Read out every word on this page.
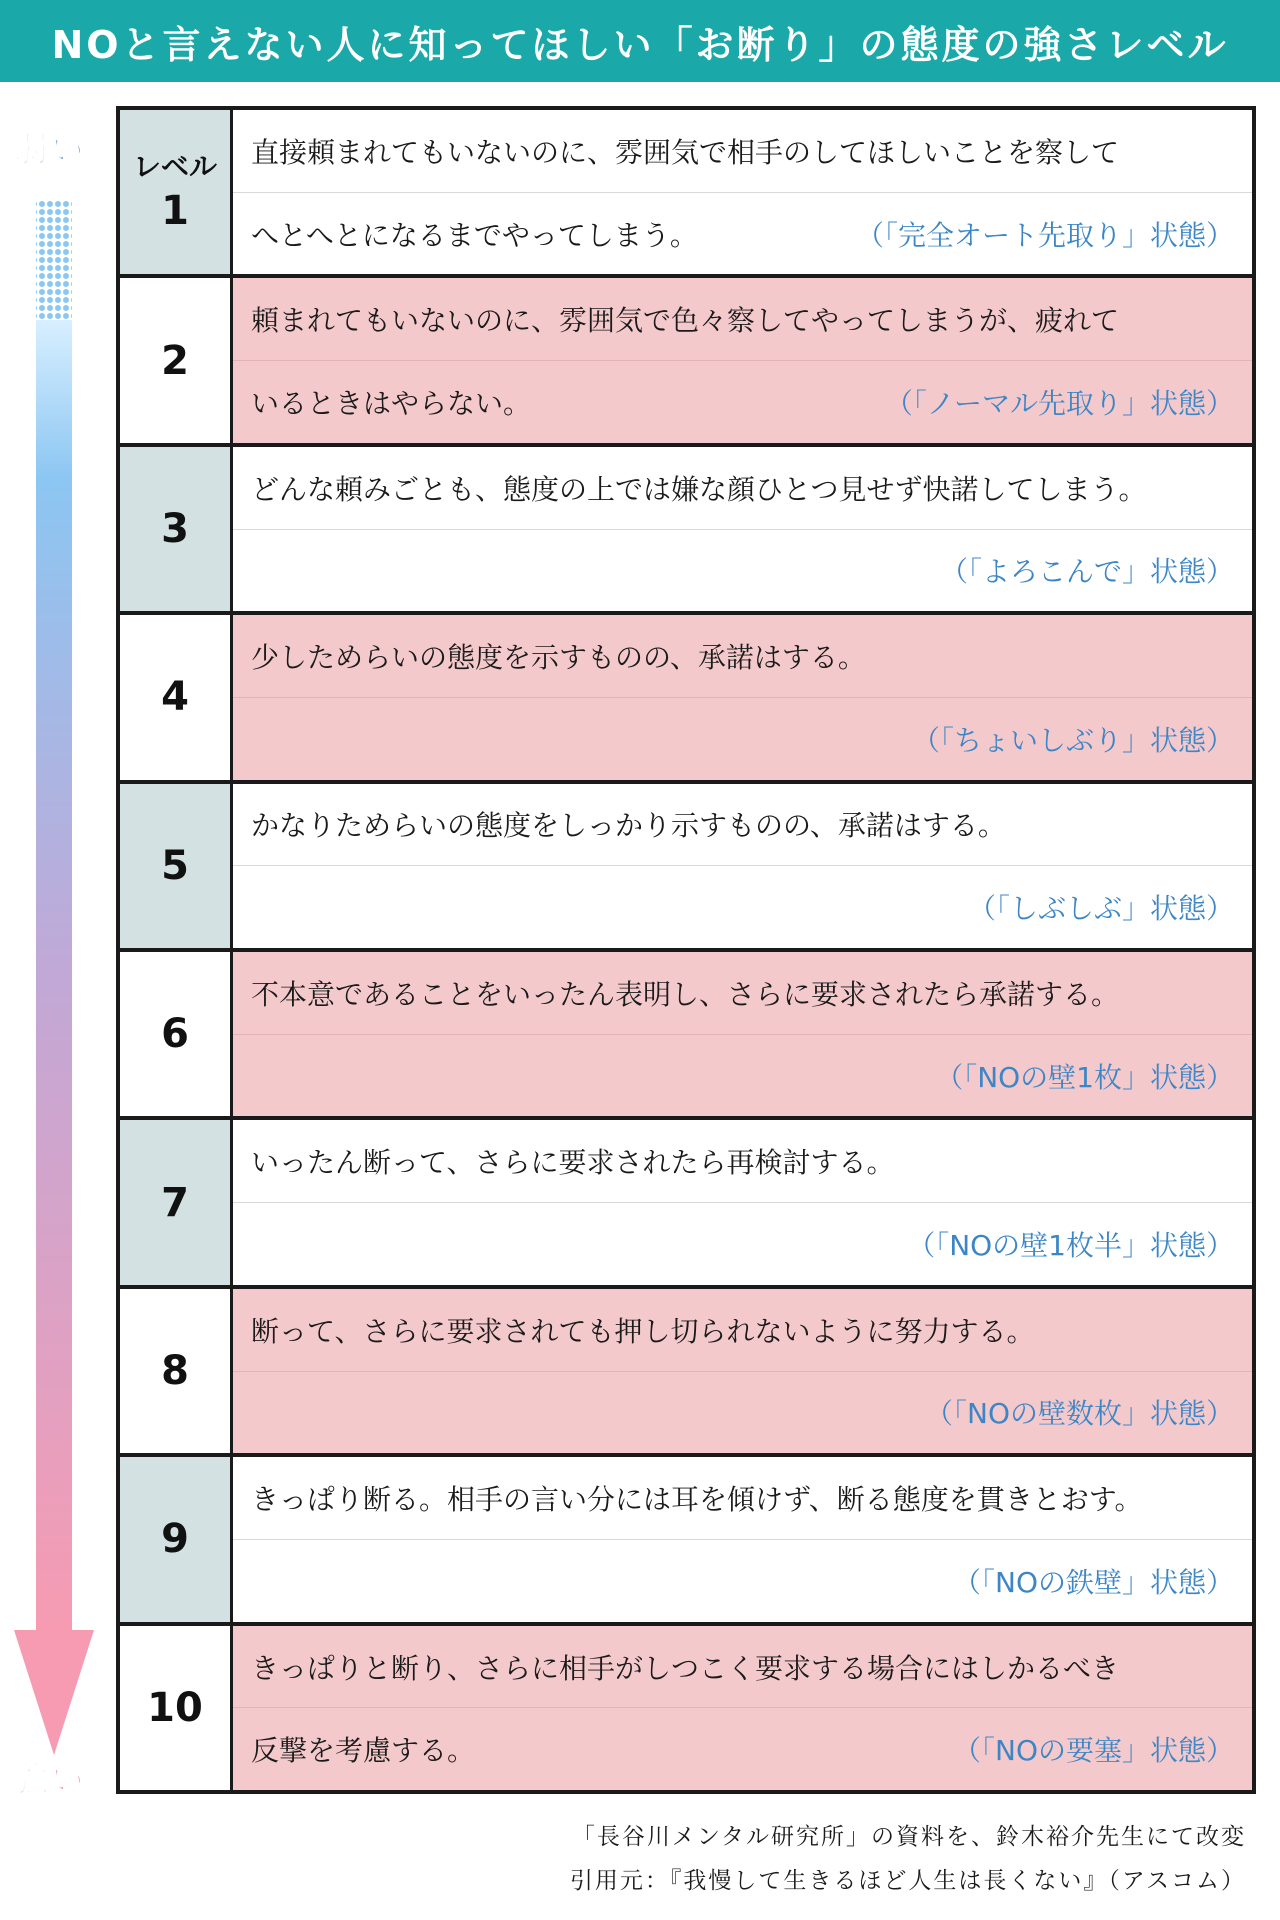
NOと言えない人に知ってほしい「お断り」の態度の強さレベル
弱い
強い
レベル
1
直接頼まれてもいないのに、雰囲気で相手のしてほしいことを察して
へとへとになるまでやってしまう。	（「完全オート先取り」状態）
2
頼まれてもいないのに、雰囲気で色々察してやってしまうが、疲れて
いるときはやらない。	（「ノーマル先取り」状態）
3
どんな頼みごとも、態度の上では嫌な顔ひとつ見せず快諾してしまう。
（「よろこんで」状態）
4
少しためらいの態度を示すものの、承諾はする。
（「ちょいしぶり」状態）
5
かなりためらいの態度をしっかり示すものの、承諾はする。
（「しぶしぶ」状態）
6
不本意であることをいったん表明し、さらに要求されたら承諾する。
（「NOの壁1枚」状態）
7
いったん断って、さらに要求されたら再検討する。
（「NOの壁1枚半」状態）
8
断って、さらに要求されても押し切られないように努力する。
（「NOの壁数枚」状態）
9
きっぱり断る。相手の言い分には耳を傾けず、断る態度を貫きとおす。
（「NOの鉄壁」状態）
10
きっぱりと断り、さらに相手がしつこく要求する場合にはしかるべき
反撃を考慮する。	（「NOの要塞」状態）
「長谷川メンタル研究所」の資料を、鈴木裕介先生にて改変
引用元：『我慢して生きるほど人生は長くない』（アスコム）
